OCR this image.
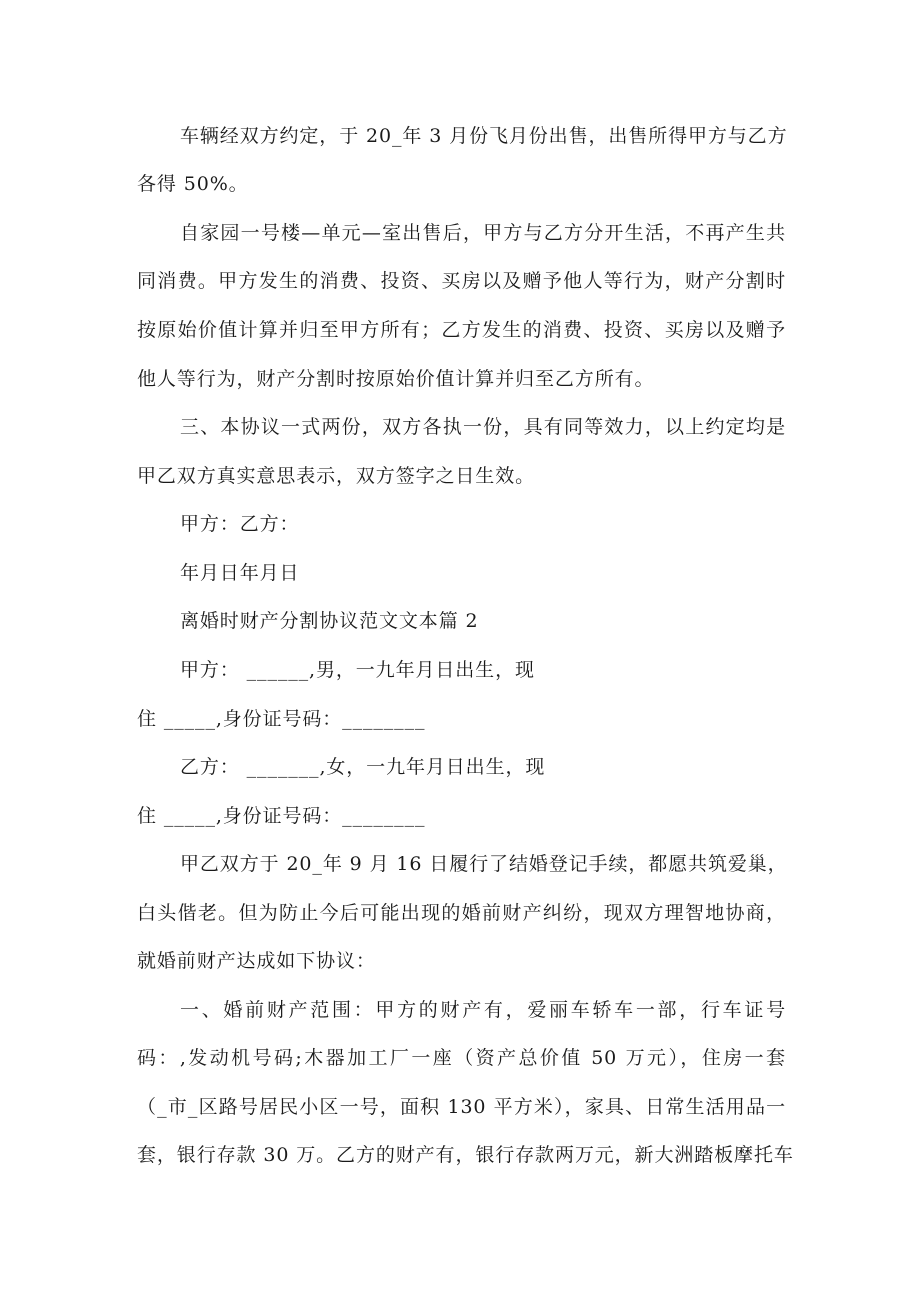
车辆经双方约定，于 20_年 3 月份飞月份出售，出售所得甲方与乙方
各得 50%。
自家园一号楼—单元—室出售后，甲方与乙方分开生活，不再产生共
同消费。甲方发生的消费、投资、买房以及赠予他人等行为，财产分割时
按原始价值计算并归至甲方所有；乙方发生的消费、投资、买房以及赠予
他人等行为，财产分割时按原始价值计算并归至乙方所有。
三、本协议一式两份，双方各执一份，具有同等效力，以上约定均是
甲乙双方真实意思表示，双方签字之日生效。
甲方：乙方：
年月日年月日
离婚时财产分割协议范文文本篇 2
甲方： ______,男，一九年月日出生，现
住 _____,身份证号码：________
乙方： _______,女，一九年月日出生，现
住 _____,身份证号码：________
甲乙双方于 20_年 9 月 16 日履行了结婚登记手续，都愿共筑爱巢，
白头偕老。但为防止今后可能出现的婚前财产纠纷，现双方理智地协商，
就婚前财产达成如下协议：
一、婚前财产范围：甲方的财产有，爱丽车轿车一部，行车证号
码：,发动机号码;木器加工厂一座（资产总价值 50 万元），住房一套
（_市_区路号居民小区一号，面积 130 平方米），家具、日常生活用品一
套，银行存款 30 万。乙方的财产有，银行存款两万元，新大洲踏板摩托车
